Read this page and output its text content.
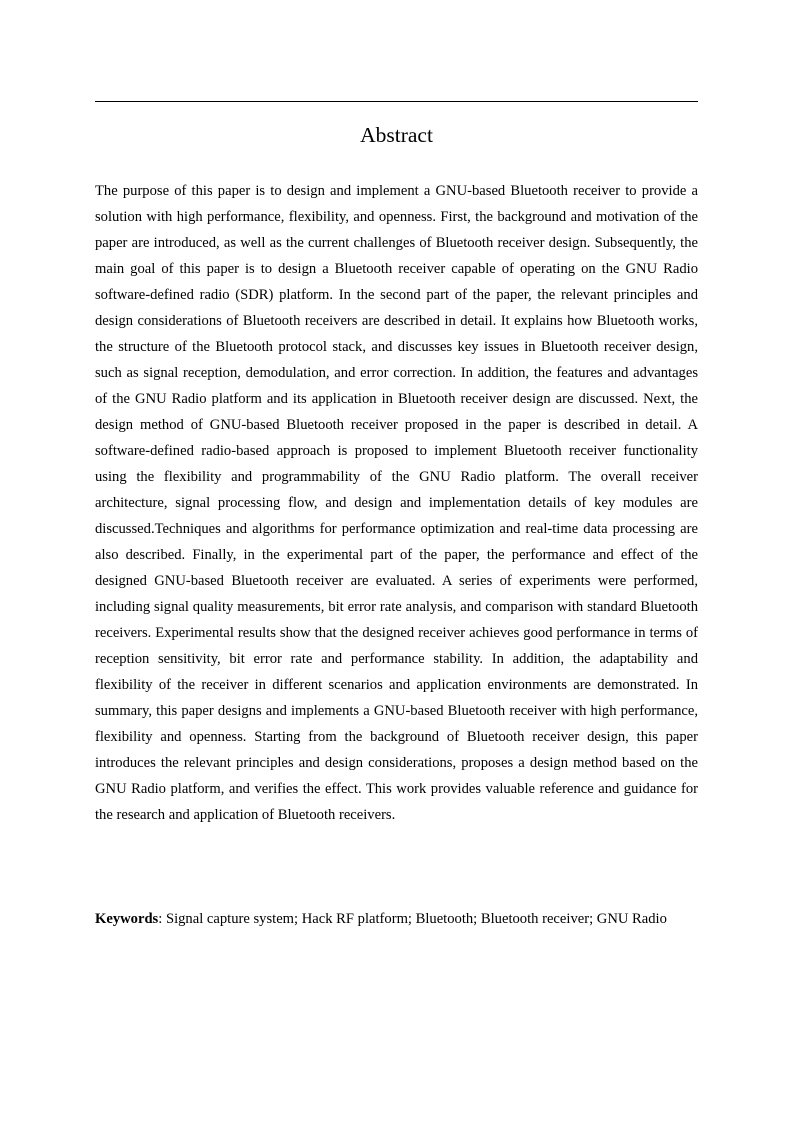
Abstract

The purpose of this paper is to design and implement a GNU-based Bluetooth receiver to provide a solution with high performance, flexibility, and openness. First, the background and motivation of the paper are introduced, as well as the current challenges of Bluetooth receiver design. Subsequently, the main goal of this paper is to design a Bluetooth receiver capable of operating on the GNU Radio software-defined radio (SDR) platform. In the second part of the paper, the relevant principles and design considerations of Bluetooth receivers are described in detail. It explains how Bluetooth works, the structure of the Bluetooth protocol stack, and discusses key issues in Bluetooth receiver design, such as signal reception, demodulation, and error correction. In addition, the features and advantages of the GNU Radio platform and its application in Bluetooth receiver design are discussed. Next, the design method of GNU-based Bluetooth receiver proposed in the paper is described in detail. A software-defined radio-based approach is proposed to implement Bluetooth receiver functionality using the flexibility and programmability of the GNU Radio platform. The overall receiver architecture, signal processing flow, and design and implementation details of key modules are discussed.Techniques and algorithms for performance optimization and real-time data processing are also described. Finally, in the experimental part of the paper, the performance and effect of the designed GNU-based Bluetooth receiver are evaluated. A series of experiments were performed, including signal quality measurements, bit error rate analysis, and comparison with standard Bluetooth receivers. Experimental results show that the designed receiver achieves good performance in terms of reception sensitivity, bit error rate and performance stability. In addition, the adaptability and flexibility of the receiver in different scenarios and application environments are demonstrated. In summary, this paper designs and implements a GNU-based Bluetooth receiver with high performance, flexibility and openness. Starting from the background of Bluetooth receiver design, this paper introduces the relevant principles and design considerations, proposes a design method based on the GNU Radio platform, and verifies the effect. This work provides valuable reference and guidance for the research and application of Bluetooth receivers.

Keywords: Signal capture system; Hack RF platform; Bluetooth; Bluetooth receiver; GNU Radio
